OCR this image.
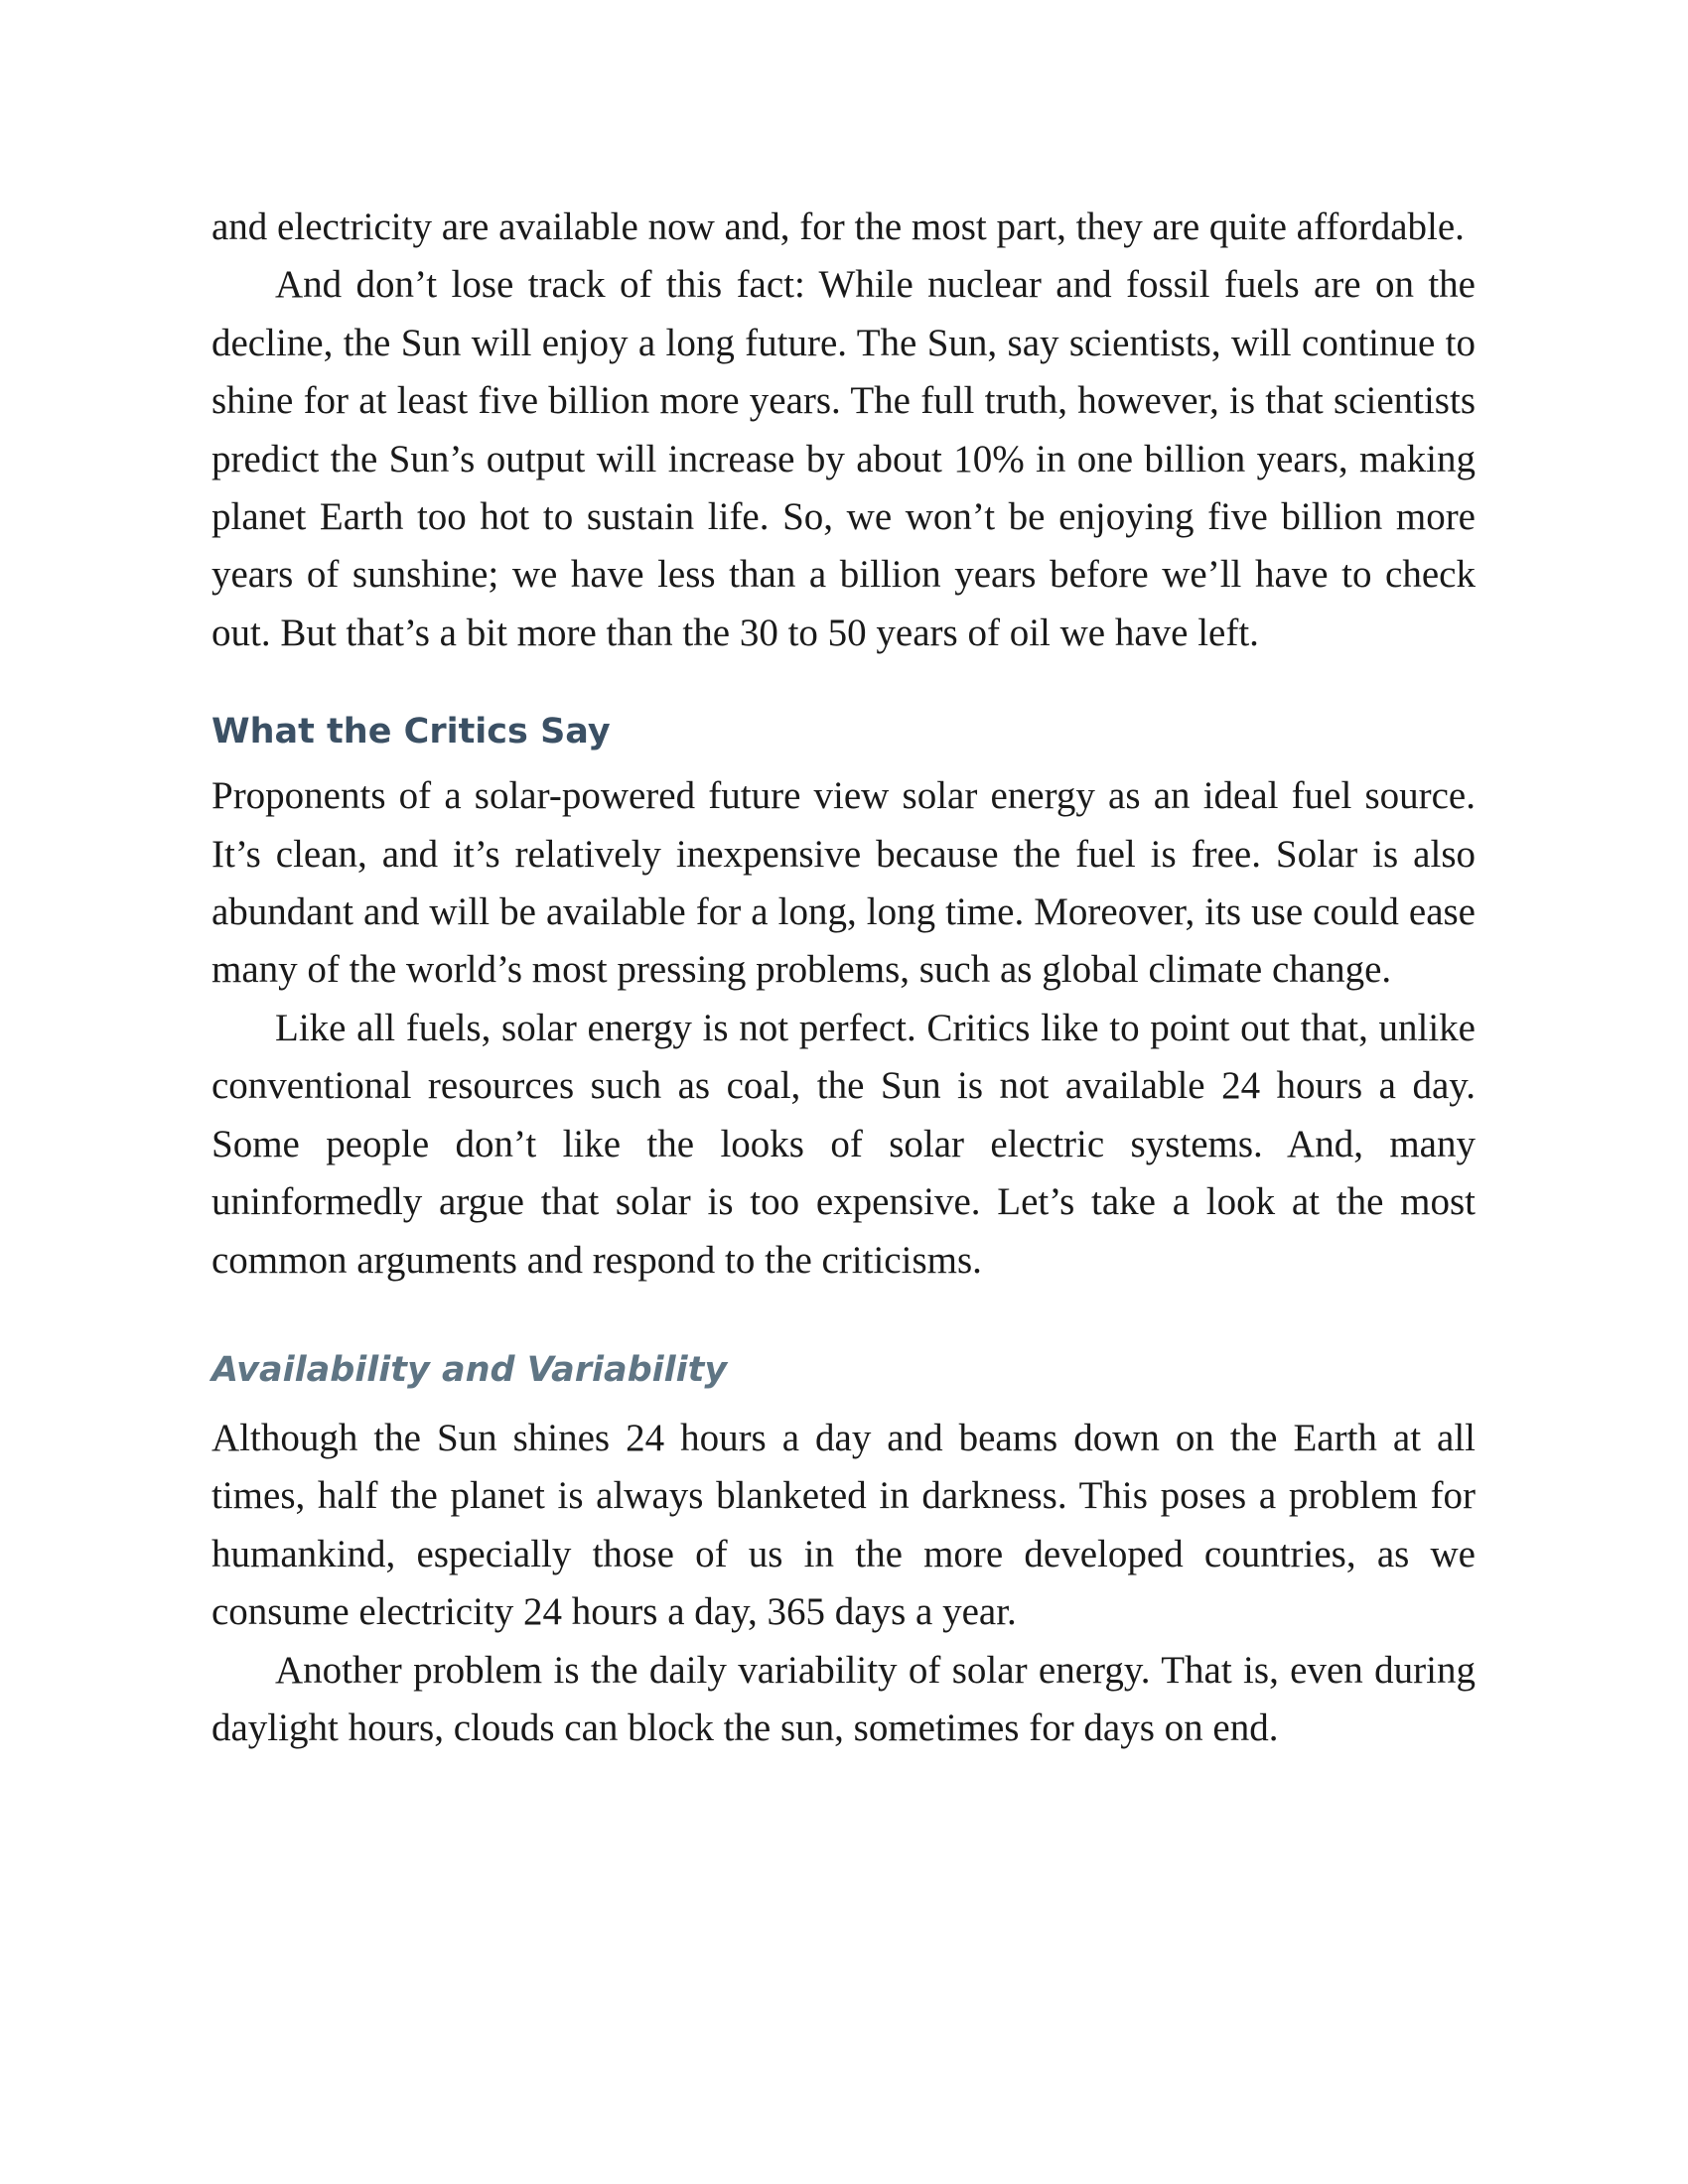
and electricity are available now and, for the most part, they are quite affordable.

And don’t lose track of this fact: While nuclear and fossil fuels are on the decline, the Sun will enjoy a long future. The Sun, say scientists, will continue to shine for at least five billion more years. The full truth, however, is that scientists predict the Sun’s output will increase by about 10% in one billion years, making planet Earth too hot to sustain life. So, we won’t be enjoying five billion more years of sunshine; we have less than a billion years before we’ll have to check out. But that’s a bit more than the 30 to 50 years of oil we have left.

What the Critics Say

Proponents of a solar-powered future view solar energy as an ideal fuel source. It’s clean, and it’s relatively inexpensive because the fuel is free. Solar is also abundant and will be available for a long, long time. Moreover, its use could ease many of the world’s most pressing problems, such as global climate change.

Like all fuels, solar energy is not perfect. Critics like to point out that, unlike conventional resources such as coal, the Sun is not available 24 hours a day. Some people don’t like the looks of solar electric systems. And, many uninformedly argue that solar is too expensive. Let’s take a look at the most common arguments and respond to the criticisms.

Availability and Variability

Although the Sun shines 24 hours a day and beams down on the Earth at all times, half the planet is always blanketed in darkness. This poses a problem for humankind, especially those of us in the more developed countries, as we consume electricity 24 hours a day, 365 days a year.

Another problem is the daily variability of solar energy. That is, even during daylight hours, clouds can block the sun, sometimes for days on end.
